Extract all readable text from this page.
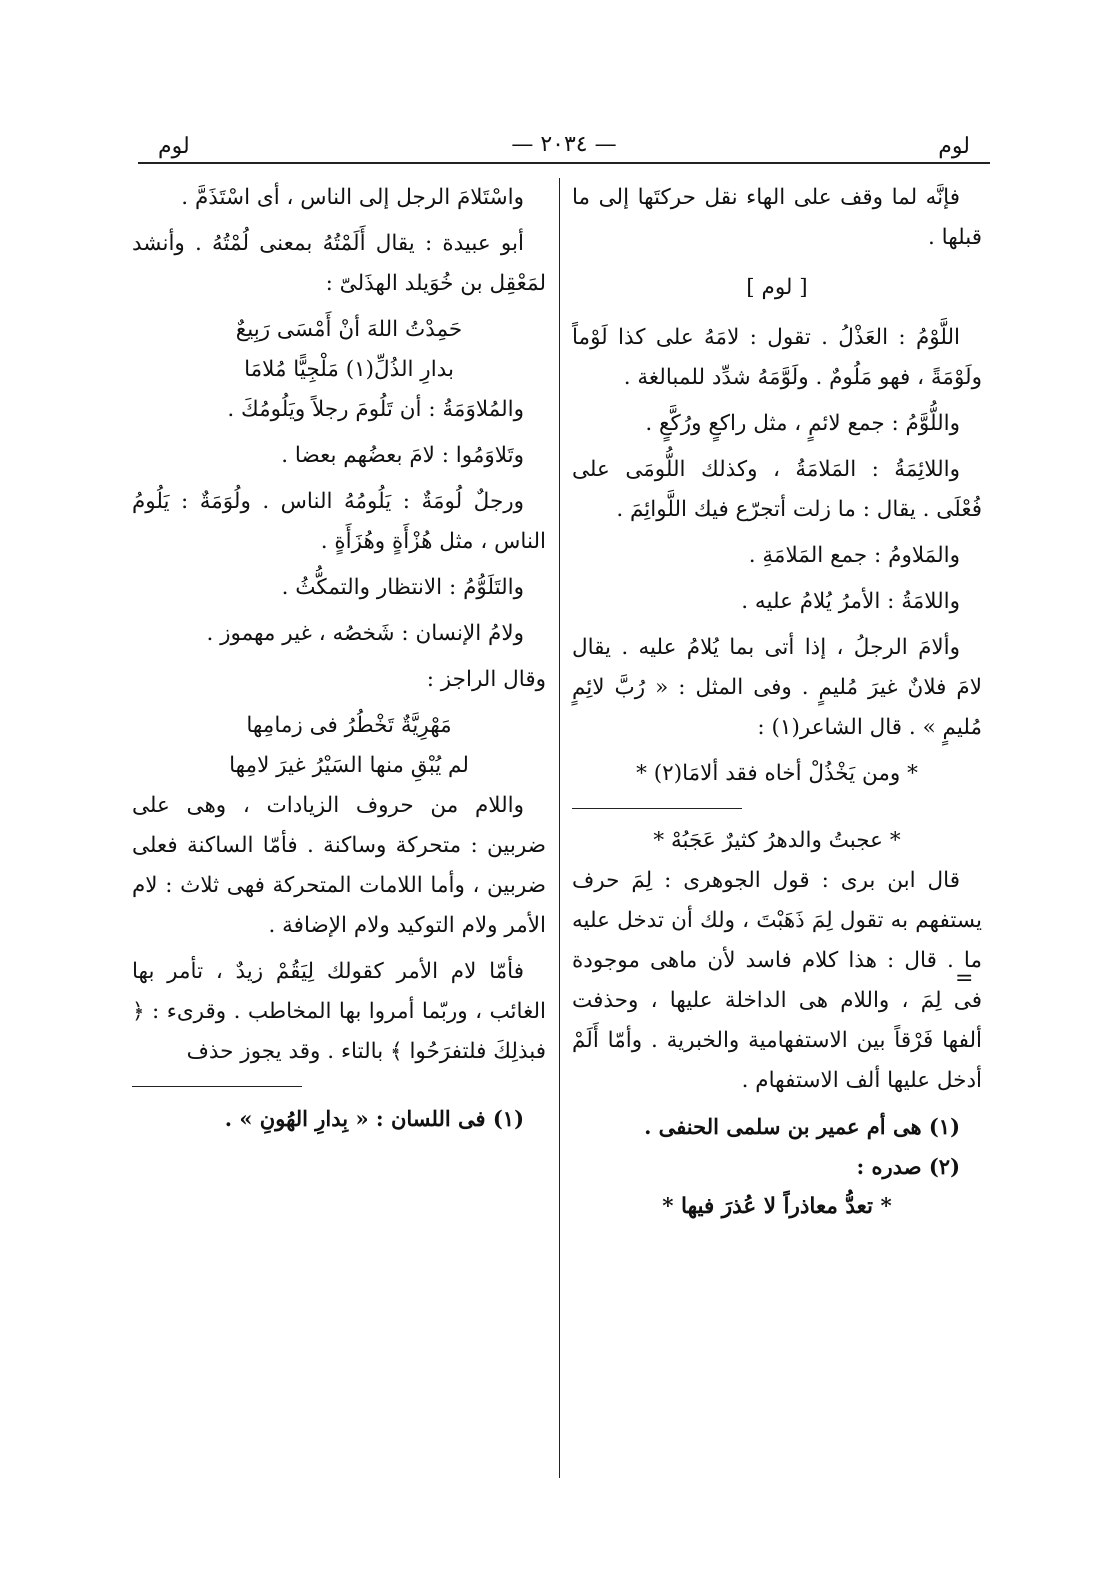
لوم
— ٢٠٣٤ —
لوم

فإنَّه لما وقف على الهاء نقل حركتَها إلى ما قبلها .

[ لوم ]

اللَّوْمُ : العَذْلُ . تقول : لامَهُ على كذا لَوْماً ولَوْمَةً ، فهو مَلُومٌ . ولَوَّمَهُ شدِّد للمبالغة .

واللُّوَّمُ : جمع لائمٍ ، مثل راكعٍ ورُكَّعٍ .

واللائِمَةُ : المَلامَةُ ، وكذلك اللُّومَى على فُعْلَى . يقال : ما زلت أتجرّع فيك اللَّوائِمَ .

والمَلاومُ : جمع المَلامَةِ .

واللامَةُ : الأمرُ يُلامُ عليه .

وألامَ الرجلُ ، إذا أتى بما يُلامُ عليه . يقال لامَ فلانٌ غيرَ مُليمٍ . وفى المثل : « رُبَّ لائِمٍ مُليمٍ » . قال الشاعر(١) :

* ومن يَخْذُلْ أخاه فقد ألامَا(٢) *

* عجبتُ والدهرُ كثيرٌ عَجَبُهْ *

قال ابن برى : قول الجوهرى : لِمَ حرف يستفهم به تقول لِمَ ذَهَبْتَ ، ولك أن تدخل عليه ما . قال : هذا كلام فاسد لأن ماهى موجودة فى لِمَ ، واللام هى الداخلة عليها ، وحذفت ألفها فَرْقاً بين الاستفهامية والخبرية . وأمّا أَلَمْ أدخل عليها ألف الاستفهام .

(١) هى أم عمير بن سلمى الحنفى .

(٢) صدره :

* تعدُّ معاذراً لا عُذرَ فيها *

=

واسْتَلامَ الرجل إلى الناس ، أى اسْتَذَمَّ .

أبو عبيدة : يقال أَلَمْتُهُ بمعنى لُمْتُهُ . وأنشد لمَعْقِل بن خُوَيلد الهذَلىّ :

حَمِدْتُ اللهَ أنْ أَمْسَى رَبِيعٌ

بدارِ الذُلِّ(١) مَلْجِيًّا مُلامَا

والمُلاوَمَةُ : أن تَلُومَ رجلاً ويَلُومُكَ .

وتَلاوَمُوا : لامَ بعضُهم بعضا .

ورجلٌ لُومَةٌ : يَلُومُهُ الناس . ولُوَمَةٌ : يَلُومُ الناس ، مثل هُزْأَةٍ وهُزَأَةٍ .

والتَلَوُّمُ : الانتظار والتمكُّثُ .

ولامُ الإنسان : شَخصُه ، غير مهموز .

وقال الراجز :

مَهْرِيَّةٌ تَخْطُرُ فى زمامِها

لم يُبْقِ منها السَيْرُ غيرَ لامِها

واللام من حروف الزيادات ، وهى على ضربين : متحركة وساكنة . فأمّا الساكنة فعلى ضربين ، وأما اللامات المتحركة فهى ثلاث : لام الأمر ولام التوكيد ولام الإضافة .

فأمّا لام الأمر كقولك لِيَقُمْ زيدٌ ، تأمر بها الغائب ، وربّما أمروا بها المخاطب . وقرىء : ﴿ فبذلِكَ فلتفرَحُوا ﴾ بالتاء . وقد يجوز حذف

(١) فى اللسان : « بِدارِ الهُونِ » .
